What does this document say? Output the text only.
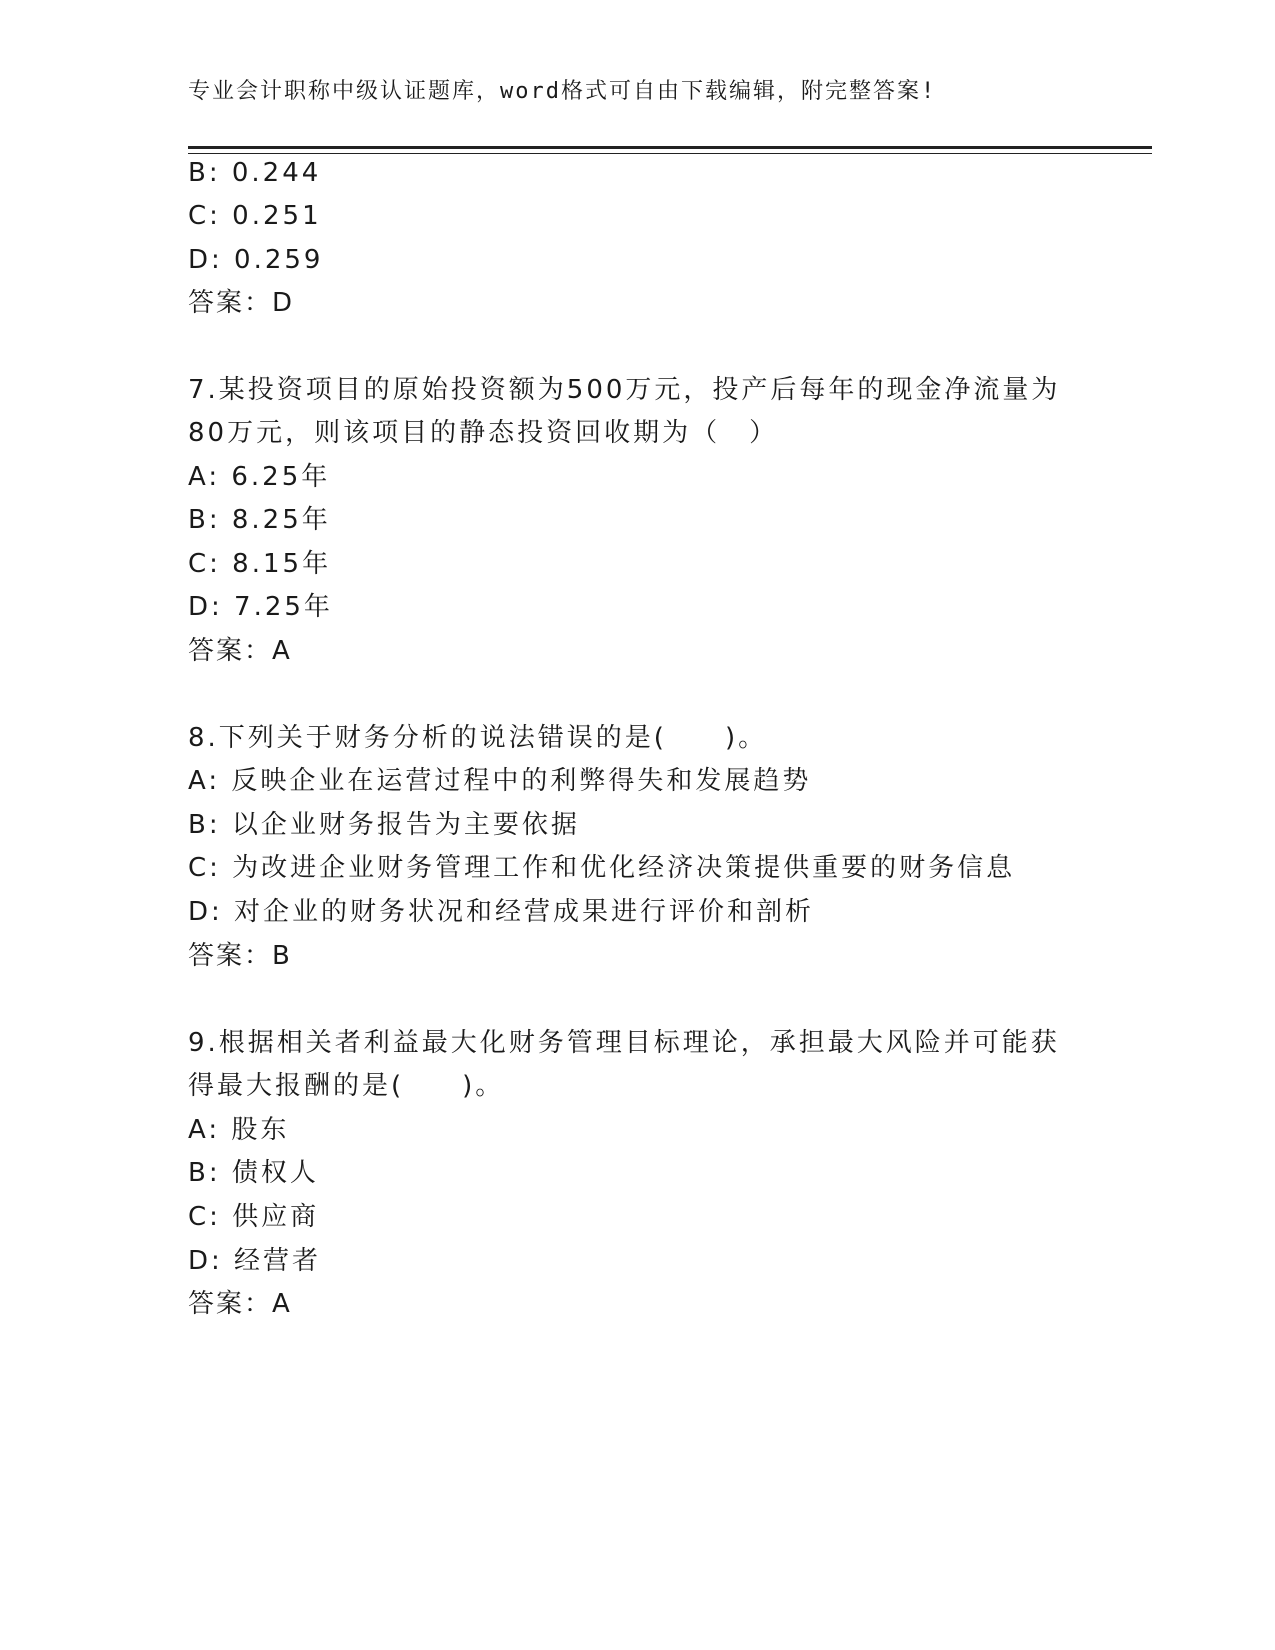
专业会计职称中级认证题库，word格式可自由下载编辑，附完整答案!
B: 0.244
C: 0.251
D: 0.259
答案：D
7.某投资项目的原始投资额为500万元，投产后每年的现金净流量为
80万元，则该项目的静态投资回收期为（　）
A: 6.25年
B: 8.25年
C: 8.15年
D: 7.25年
答案：A
8.下列关于财务分析的说法错误的是(　　)。
A: 反映企业在运营过程中的利弊得失和发展趋势
B: 以企业财务报告为主要依据
C: 为改进企业财务管理工作和优化经济决策提供重要的财务信息
D: 对企业的财务状况和经营成果进行评价和剖析
答案：B
9.根据相关者利益最大化财务管理目标理论，承担最大风险并可能获
得最大报酬的是(　　)。
A: 股东
B: 债权人
C: 供应商
D: 经营者
答案：A
